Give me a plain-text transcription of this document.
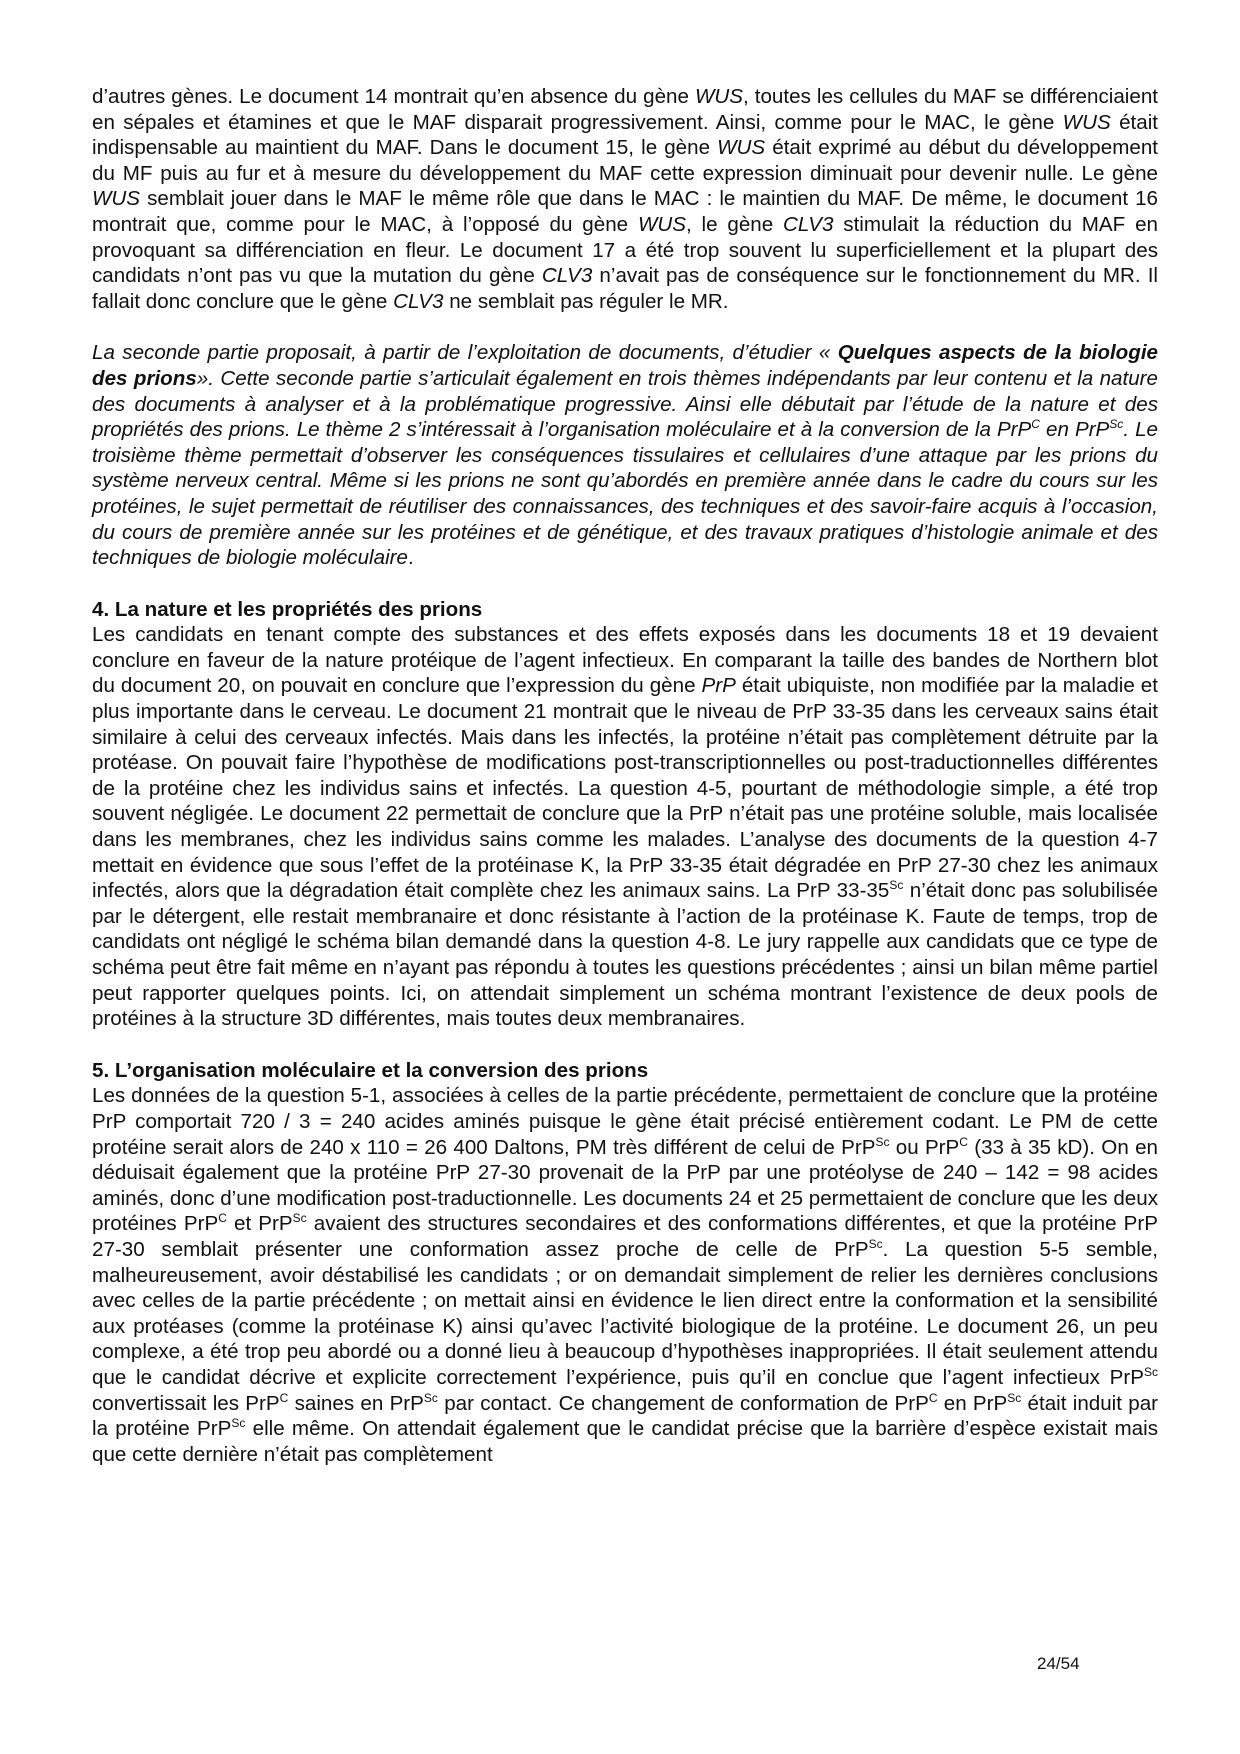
d’autres gènes. Le document 14 montrait qu’en absence du gène WUS, toutes les cellules du MAF se différenciaient en sépales et étamines et que le MAF disparait progressivement. Ainsi, comme pour le MAC, le gène WUS était indispensable au maintient du MAF. Dans le document 15, le gène WUS était exprimé au début du développement du MF puis au fur et à mesure du développement du MAF cette expression diminuait pour devenir nulle. Le gène WUS semblait jouer dans le MAF le même rôle que dans le MAC : le maintien du MAF. De même, le document 16 montrait que, comme pour le MAC, à l’opposé du gène WUS, le gène CLV3 stimulait la réduction du MAF en provoquant sa différenciation en fleur. Le document 17 a été trop souvent lu superficiellement et la plupart des candidats n’ont pas vu que la mutation du gène CLV3 n’avait pas de conséquence sur le fonctionnement du MR. Il fallait donc conclure que le gène CLV3 ne semblait pas réguler le MR.

La seconde partie proposait, à partir de l’exploitation de documents, d’étudier « Quelques aspects de la biologie des prions». Cette seconde partie s’articulait également en trois thèmes indépendants par leur contenu et la nature des documents à analyser et à la problématique progressive. Ainsi elle débutait par l’étude de la nature et des propriétés des prions. Le thème 2 s’intéressait à l’organisation moléculaire et à la conversion de la PrP$^C$ en PrP$^{Sc}$. Le troisième thème permettait d’observer les conséquences tissulaires et cellulaires d’une attaque par les prions du système nerveux central. Même si les prions ne sont qu’abordés en première année dans le cadre du cours sur les protéines, le sujet permettait de réutiliser des connaissances, des techniques et des savoir-faire acquis à l’occasion, du cours de première année sur les protéines et de génétique, et des travaux pratiques d’histologie animale et des techniques de biologie moléculaire.

4. La nature et les propriétés des prions

Les candidats en tenant compte des substances et des effets exposés dans les documents 18 et 19 devaient conclure en faveur de la nature protéique de l’agent infectieux. En comparant la taille des bandes de Northern blot du document 20, on pouvait en conclure que l’expression du gène PrP était ubiquiste, non modifiée par la maladie et plus importante dans le cerveau. Le document 21 montrait que le niveau de PrP 33-35 dans les cerveaux sains était similaire à celui des cerveaux infectés. Mais dans les infectés, la protéine n’était pas complètement détruite par la protéase. On pouvait faire l’hypothèse de modifications post-transcriptionnelles ou post-traductionnelles différentes de la protéine chez les individus sains et infectés. La question 4-5, pourtant de méthodologie simple, a été trop souvent négligée. Le document 22 permettait de conclure que la PrP n’était pas une protéine soluble, mais localisée dans les membranes, chez les individus sains comme les malades. L’analyse des documents de la question 4-7 mettait en évidence que sous l’effet de la protéinase K, la PrP 33-35 était dégradée en PrP 27-30 chez les animaux infectés, alors que la dégradation était complète chez les animaux sains. La PrP $33-35^{Sc}$ n’était donc pas solubilisée par le détergent, elle restait membranaire et donc résistante à l’action de la protéinase K. Faute de temps, trop de candidats ont négligé le schéma bilan demandé dans la question 4-8. Le jury rappelle aux candidats que ce type de schéma peut être fait même en n’ayant pas répondu à toutes les questions précédentes ; ainsi un bilan même partiel peut rapporter quelques points. Ici, on attendait simplement un schéma montrant l’existence de deux pools de protéines à la structure 3D différentes, mais toutes deux membranaires.

5. L’organisation moléculaire et la conversion des prions

Les données de la question 5-1, associées à celles de la partie précédente, permettaient de conclure que la protéine PrP comportait 720 / 3 = 240 acides aminés puisque le gène était précisé entièrement codant. Le PM de cette protéine serait alors de 240 x 110 = 26 400 Daltons, PM très différent de celui de PrP$^{Sc}$ ou PrP$^C$ (33 à 35 kD). On en déduisait également que la protéine PrP 27-30 provenait de la PrP par une protéolyse de 240 – 142 = 98 acides aminés, donc d’une modification post-traductionnelle. Les documents 24 et 25 permettaient de conclure que les deux protéines PrP$^C$ et PrP$^{Sc}$ avaient des structures secondaires et des conformations différentes, et que la protéine PrP 27-30 semblait présenter une conformation assez proche de celle de PrP$^{Sc}$. La question 5-5 semble, malheureusement, avoir déstabilisé les candidats ; or on demandait simplement de relier les dernières conclusions avec celles de la partie précédente ; on mettait ainsi en évidence le lien direct entre la conformation et la sensibilité aux protéases (comme la protéinase K) ainsi qu’avec l’activité biologique de la protéine. Le document 26, un peu complexe, a été trop peu abordé ou a donné lieu à beaucoup d’hypothèses inappropriées. Il était seulement attendu que le candidat décrive et explicite correctement l’expérience, puis qu’il en conclue que l’agent infectieux PrP$^{Sc}$ convertissait les PrP$^C$ saines en PrP$^{Sc}$ par contact. Ce changement de conformation de PrP$^C$ en PrP$^{Sc}$ était induit par la protéine PrP$^{Sc}$ elle même. On attendait également que le candidat précise que la barrière d’espèce existait mais que cette dernière n’était pas complètement

24/54
